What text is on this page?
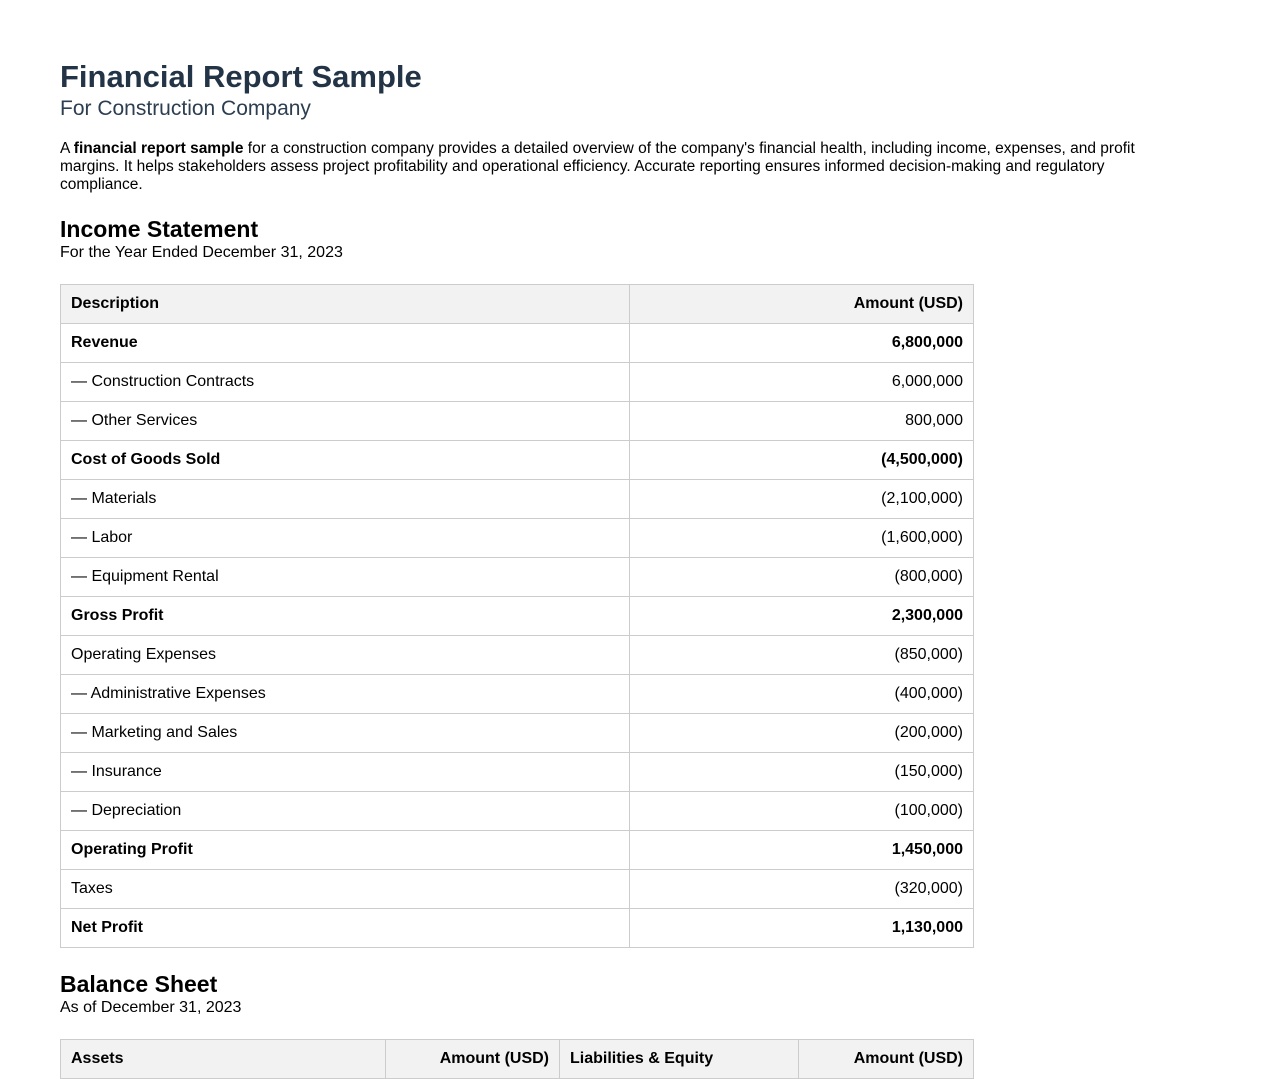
Financial Report Sample

For Construction Company

A financial report sample for a construction company provides a detailed overview of the company's financial health, including income, expenses, and profit margins. It helps stakeholders assess project profitability and operational efficiency. Accurate reporting ensures informed decision-making and regulatory compliance.

Income Statement

For the Year Ended December 31, 2023

Description	Amount (USD)
Revenue	6,800,000
— Construction Contracts	6,000,000
— Other Services	800,000
Cost of Goods Sold	(4,500,000)
— Materials	(2,100,000)
— Labor	(1,600,000)
— Equipment Rental	(800,000)
Gross Profit	2,300,000
Operating Expenses	(850,000)
— Administrative Expenses	(400,000)
— Marketing and Sales	(200,000)
— Insurance	(150,000)
— Depreciation	(100,000)
Operating Profit	1,450,000
Taxes	(320,000)
Net Profit	1,130,000
Balance Sheet

As of December 31, 2023

Assets	Amount (USD)	Liabilities & Equity	Amount (USD)
